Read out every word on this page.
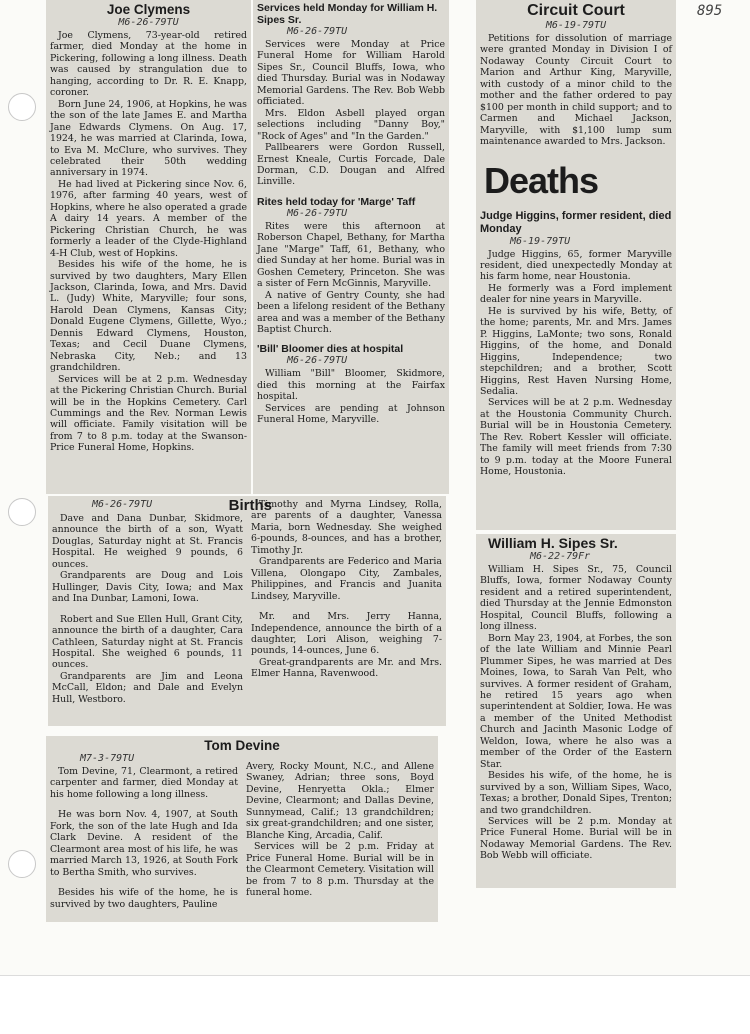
895
Joe Clymens
M6-26-79TU

Joe Clymens, 73-year-old retired farmer, died Monday at the home in Pickering, following a long illness. Death was caused by strangulation due to hanging, according to Dr. R. E. Knapp, coroner.

Born June 24, 1906, at Hopkins, he was the son of the late James E. and Martha Jane Edwards Clymens. On Aug. 17, 1924, he was married at Clarinda, Iowa, to Eva M. McClure, who survives. They celebrated their 50th wedding anniversary in 1974.

He had lived at Pickering since Nov. 6, 1976, after farming 40 years, west of Hopkins, where he also operated a grade A dairy 14 years. A member of the Pickering Christian Church, he was formerly a leader of the Clyde-Highland 4-H Club, west of Hopkins.

Besides his wife of the home, he is survived by two daughters, Mary Ellen Jackson, Clarinda, Iowa, and Mrs. David L. (Judy) White, Maryville; four sons, Harold Dean Clymens, Kansas City; Donald Eugene Clymens, Gillette, Wyo.; Dennis Edward Clymens, Houston, Texas; and Cecil Duane Clymens, Nebraska City, Neb.; and 13 grandchildren.

Services will be at 2 p.m. Wednesday at the Pickering Christian Church. Burial will be in the Hopkins Cemetery. Carl Cummings and the Rev. Norman Lewis will officiate. Family visitation will be from 7 to 8 p.m. today at the Swanson-Price Funeral Home, Hopkins.

Services held Monday for William H. Sipes Sr.
M6-26-79TU

Services were Monday at Price Funeral Home for William Harold Sipes Sr., Council Bluffs, Iowa, who died Thursday. Burial was in Nodaway Memorial Gardens. The Rev. Bob Webb officiated.

Mrs. Eldon Asbell played organ selections including "Danny Boy," "Rock of Ages" and "In the Garden."

Pallbearers were Gordon Russell, Ernest Kneale, Curtis Forcade, Dale Dorman, C.D. Dougan and Alfred Linville.

Rites held today for 'Marge' Taff
M6-26-79TU

Rites were this afternoon at Roberson Chapel, Bethany, for Martha Jane "Marge" Taff, 61, Bethany, who died Sunday at her home. Burial was in Goshen Cemetery, Princeton. She was a sister of Fern McGinnis, Maryville.

A native of Gentry County, she had been a lifelong resident of the Bethany area and was a member of the Bethany Baptist Church.

'Bill' Bloomer dies at hospital
M6-26-79TU

William "Bill" Bloomer, Skidmore, died this morning at the Fairfax hospital.

Services are pending at Johnson Funeral Home, Maryville.

Circuit Court
M6-19-79TU

Petitions for dissolution of marriage were granted Monday in Division I of Nodaway County Circuit Court to Marion and Arthur King, Maryville, with custody of a minor child to the mother and the father ordered to pay $100 per month in child support; and to Carmen and Michael Jackson, Maryville, with $1,100 lump sum maintenance awarded to Mrs. Jackson.

Deaths
Judge Higgins, former resident, died Monday
M6-19-79TU

Judge Higgins, 65, former Maryville resident, died unexpectedly Monday at his farm home, near Houstonia.

He formerly was a Ford implement dealer for nine years in Maryville.

He is survived by his wife, Betty, of the home; parents, Mr. and Mrs. James P. Higgins, LaMonte; two sons, Ronald Higgins, of the home, and Donald Higgins, Independence; two stepchildren; and a brother, Scott Higgins, Rest Haven Nursing Home, Sedalia.

Services will be at 2 p.m. Wednesday at the Houstonia Community Church. Burial will be in Houstonia Cemetery. The Rev. Robert Kessler will officiate. The family will meet friends from 7:30 to 9 p.m. today at the Moore Funeral Home, Houstonia.

M6-26-79TU	Births

Dave and Dana Dunbar, Skidmore, announce the birth of a son, Wyatt Douglas, Saturday night at St. Francis Hospital. He weighed 9 pounds, 6 ounces.

Grandparents are Doug and Lois Hullinger, Davis City, Iowa; and Max and Ina Dunbar, Lamoni, Iowa.

Robert and Sue Ellen Hull, Grant City, announce the birth of a daughter, Cara Cathleen, Saturday night at St. Francis Hospital. She weighed 6 pounds, 11 ounces.

Grandparents are Jim and Leona McCall, Eldon; and Dale and Evelyn Hull, Westboro.

Timothy and Myrna Lindsey, Rolla, are parents of a daughter, Vanessa Maria, born Wednesday. She weighed 6-pounds, 8-ounces, and has a brother, Timothy Jr.

Grandparents are Federico and Maria Villena, Olongapo City, Zambales, Philippines, and Francis and Juanita Lindsey, Maryville.

Mr. and Mrs. Jerry Hanna, Independence, announce the birth of a daughter, Lori Alison, weighing 7-pounds, 14-ounces, June 6.

Great-grandparents are Mr. and Mrs. Elmer Hanna, Ravenwood.

William H. Sipes Sr.
M6-22-79Fr

William H. Sipes Sr., 75, Council Bluffs, Iowa, former Nodaway County resident and a retired superintendent, died Thursday at the Jennie Edmonston Hospital, Council Bluffs, following a long illness.

Born May 23, 1904, at Forbes, the son of the late William and Minnie Pearl Plummer Sipes, he was married at Des Moines, Iowa, to Sarah Van Pelt, who survives. A former resident of Graham, he retired 15 years ago when superintendent at Soldier, Iowa. He was a member of the United Methodist Church and Jacinth Masonic Lodge of Weldon, Iowa, where he also was a member of the Order of the Eastern Star.

Besides his wife, of the home, he is survived by a son, William Sipes, Waco, Texas; a brother, Donald Sipes, Trenton; and two grandchildren.

Services will be 2 p.m. Monday at Price Funeral Home. Burial will be in Nodaway Memorial Gardens. The Rev. Bob Webb will officiate.

Tom Devine
M7-3-79TU

Tom Devine, 71, Clearmont, a retired carpenter and farmer, died Monday at his home following a long illness.

He was born Nov. 4, 1907, at South Fork, the son of the late Hugh and Ida Clark Devine. A resident of the Clearmont area most of his life, he was married March 13, 1926, at South Fork to Bertha Smith, who survives.

Besides his wife of the home, he is survived by two daughters, Pauline

Avery, Rocky Mount, N.C., and Allene Swaney, Adrian; three sons, Boyd Devine, Henryetta Okla.; Elmer Devine, Clearmont; and Dallas Devine, Sunnymead, Calif.; 13 grandchildren; six great-grandchildren; and one sister, Blanche King, Arcadia, Calif.

Services will be 2 p.m. Friday at Price Funeral Home. Burial will be in the Clearmont Cemetery. Visitation will be from 7 to 8 p.m. Thursday at the funeral home.
